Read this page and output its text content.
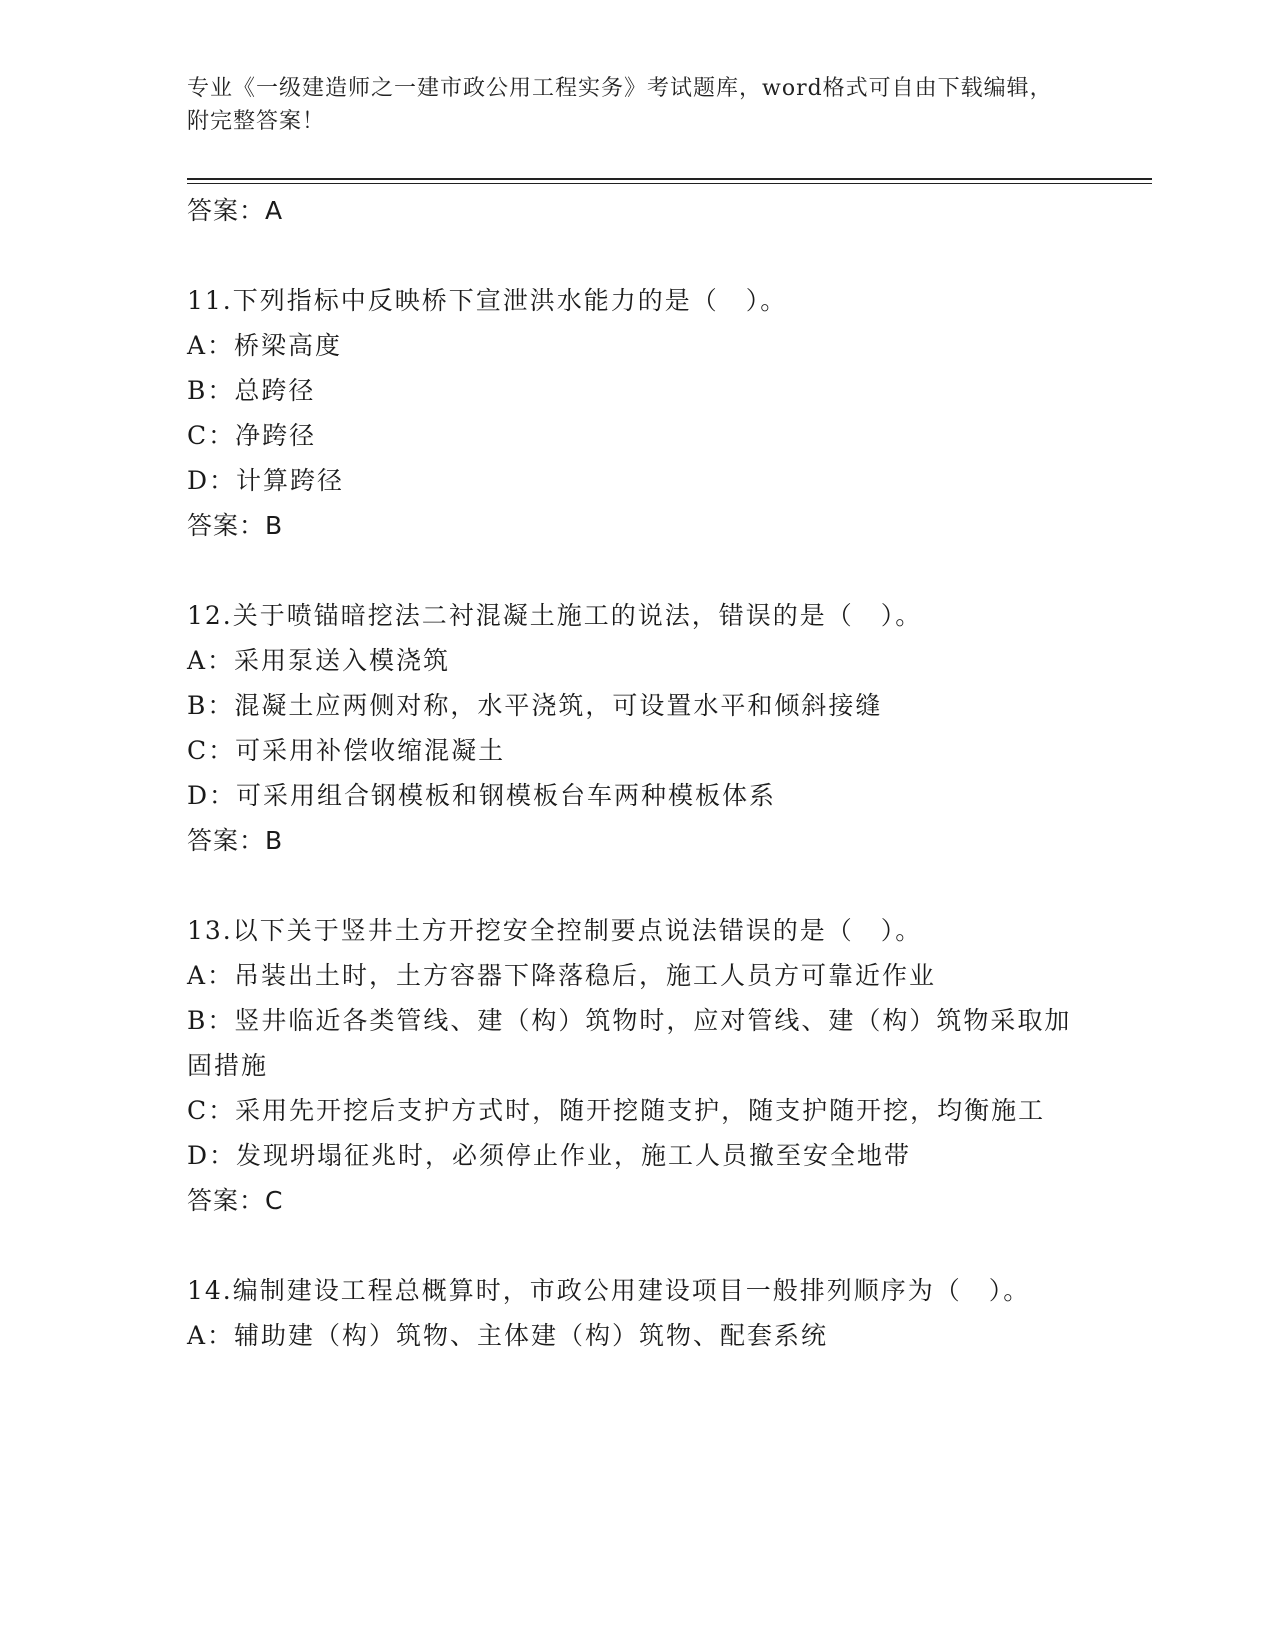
专业《一级建造师之一建市政公用工程实务》考试题库，word格式可自由下载编辑，附完整答案！
答案：A
11.下列指标中反映桥下宣泄洪水能力的是（　）。
A：桥梁高度
B：总跨径
C：净跨径
D：计算跨径
答案：B
12.关于喷锚暗挖法二衬混凝土施工的说法，错误的是（　）。
A：采用泵送入模浇筑
B：混凝土应两侧对称，水平浇筑，可设置水平和倾斜接缝
C：可采用补偿收缩混凝土
D：可采用组合钢模板和钢模板台车两种模板体系
答案：B
13.以下关于竖井土方开挖安全控制要点说法错误的是（　）。
A：吊装出土时，土方容器下降落稳后，施工人员方可靠近作业
B：竖井临近各类管线、建（构）筑物时，应对管线、建（构）筑物采取加固措施
C：采用先开挖后支护方式时，随开挖随支护，随支护随开挖，均衡施工
D：发现坍塌征兆时，必须停止作业，施工人员撤至安全地带
答案：C
14.编制建设工程总概算时，市政公用建设项目一般排列顺序为（　）。
A：辅助建（构）筑物、主体建（构）筑物、配套系统
